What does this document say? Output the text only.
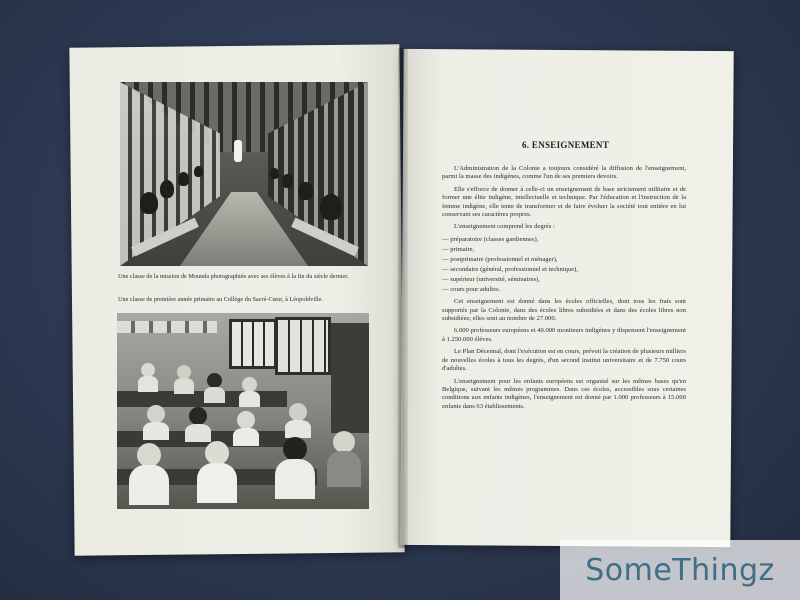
Une classe de la mission de Mounda photographiée avec ses élèves à la fin du siècle dernier.
Une classe de première année primaire au Collège du Sacré-Cœur, à Léopoldville.
6. ENSEIGNEMENT

L'Administration de la Colonie a toujours considéré la diffusion de l'enseignement, parmi la masse des indigènes, comme l'un de ses premiers devoirs.

Elle s'efforce de donner à celle-ci un enseignement de base strictement utilitaire et de former une élite indigène, intellectuelle et technique. Par l'éducation et l'instruction de la femme indigène, elle tente de transformer et de faire évoluer la société tout entière en lui conservant ses caractères propres.

L'enseignement comprend les degrés :

— préparatoire (classes gardiennes),
— primaire,
— postprimaire (professionnel et ménager),
— secondaire (général, professionnel et technique),
— supérieur (université, séminaires),
— cours pour adultes.

Cet enseignement est donné dans les écoles officielles, dont tous les frais sont supportés par la Colonie, dans des écoles libres subsidiées et dans des écoles libres non subsidiées; elles sont au nombre de 27.000.

6.000 professeurs européens et 40.000 moniteurs indigènes y dispensent l'enseignement à 1.250.000 élèves.

Le Plan Décennal, dont l'exécution est en cours, prévoit la création de plusieurs milliers de nouvelles écoles à tous les degrés, d'un second institut universitaire et de 7.750 cours d'adultes.

L'enseignement pour les enfants européens est organisé sur les mêmes bases qu'en Belgique, suivant les mêmes programmes. Dans ces écoles, accessibles sous certaines conditions aux enfants indigènes, l'enseignement est donné par 1.000 professeurs à 15.000 enfants dans 63 établissements.

SomeThingz
